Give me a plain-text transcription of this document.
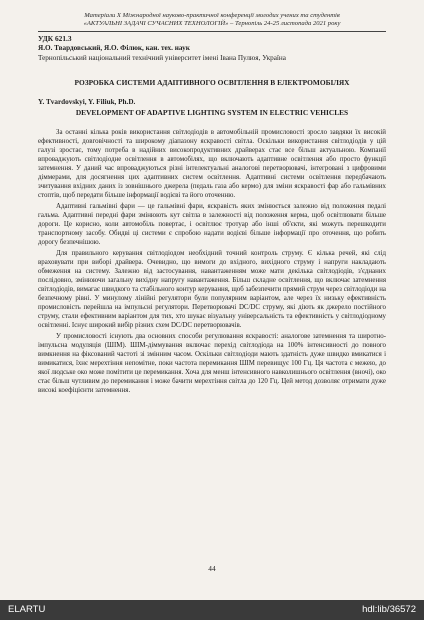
Матеріали Х Міжнародної науково-практичної конференції молодих учених та студентів
«АКТУАЛЬНІ ЗАДАЧІ СУЧАСНИХ ТЕХНОЛОГІЙ» – Тернопіль 24-25 листопада 2021 року
УДК 621.3
Я.О. Твардовський, Я.О. Філюк, кан. тех. наук
Тернопільський національний технічний університет імені Івана Пулюя, Україна
РОЗРОБКА СИСТЕМИ АДАПТИВНОГО ОСВІТЛЕННЯ В ЕЛЕКТРОМОБІЛЯХ
Y. Tvardovskyi, Y. Filiuk, Ph.D.
DEVELOPMENT OF ADAPTIVE LIGHTING SYSTEM IN ELECTRIC VEHICLES

За останні кілька років використання світлодіодів в автомобільній промисловості зросло завдяки їх високій ефективності, довговічності та широкому діапазону яскравості світла. Оскільки використання світлодіодів у цій галузі зростає, тому потреба в надійних високопродуктивних драйверах стає все більш актуальною. Компанії впроваджують світлодіодне освітлення в автомобілях, що включають адаптивне освітлення або просто функції затемнення. У даний час впроваджуються різні інтелектуальні аналогові перетворювачі, інтегровані з цифровими діммерами, для досягнення цих адаптивних систем освітлення. Адаптивні системи освітлення передбачають зчитування вхідних даних із зовнішнього джерела (педаль газа або кермо) для зміни яскравості фар або гальмівних стоптів, щоб передати більше інформації водієві та його оточенню.

Адаптивні гальмівні фари — це гальмівні фари, яскравість яких змінюється залежно від положення педалі гальма. Адаптивні передні фари змінюють кут світла в залежності від положення керма, щоб освітлювати більше дороги. Це корисно, коли автомобіль повертає, і освітлює тротуар або інші об'єкти, які можуть перешкодити транспортному засобу. Обидві ці системи є спробою надати водієві більше інформації про оточення, що робить дорогу безпечнішою.

Для правильного керування світлодіодом необхідний точний контроль струму. Є кілька речей, які слід враховувати при виборі драйвера. Очевидно, що вимоги до вхідного, вихідного струму і напруги накладають обмеження на систему. Залежно від застосування, навантаженням може мати декілька світлодіодів, з'єднаних послідовно, змінюючи загальну вихідну напругу навантаження. Більш складне освітлення, що включає затемнення світлодіодів, вимагає швидкого та стабільного контур керування, щоб забезпечити прямий струм через світлодіоди на безпечному рівні. У минулому лінійні регулятори були популярним варіантом, але через їх низьку ефективність промисловість перейшла на імпульсні регулятори. Перетворювачі DC/DC струму, які діють як джерело постійного струму, стали ефективним варіантом для тих, хто шукає візуальну універсальність та ефективність у світлодіодному освітленні. Існує широкий вибір різних схем DC/DC перетворювачів.

У промисловості існують два основних способи регулювання яскравості: аналогове затемнення та широтно-імпульсна модуляція (ШІМ). ШІМ-діммування включає перехід світлодіода на 100% інтенсивності до повного вимкнення на фіксований частоті зі змінним часом. Оскільки світлодіоди мають здатність дуже швидко вмикатися і вимикатися, їхнє мерехтіння непомітне, поки частота перемикання ШІМ перевищує 100 Гц. Ця частота є межею, до якої людське око може помітити це перемикання. Хоча для менш інтенсивного навколишнього освітлення (вночі), око стає більш чутливим до перемикання і може бачити мерехтіння світла до 120 Гц. Цей метод дозволяє отримати дуже високі коефіцієнти затемнення.

44
ELARTU	hdl:lib/36572
